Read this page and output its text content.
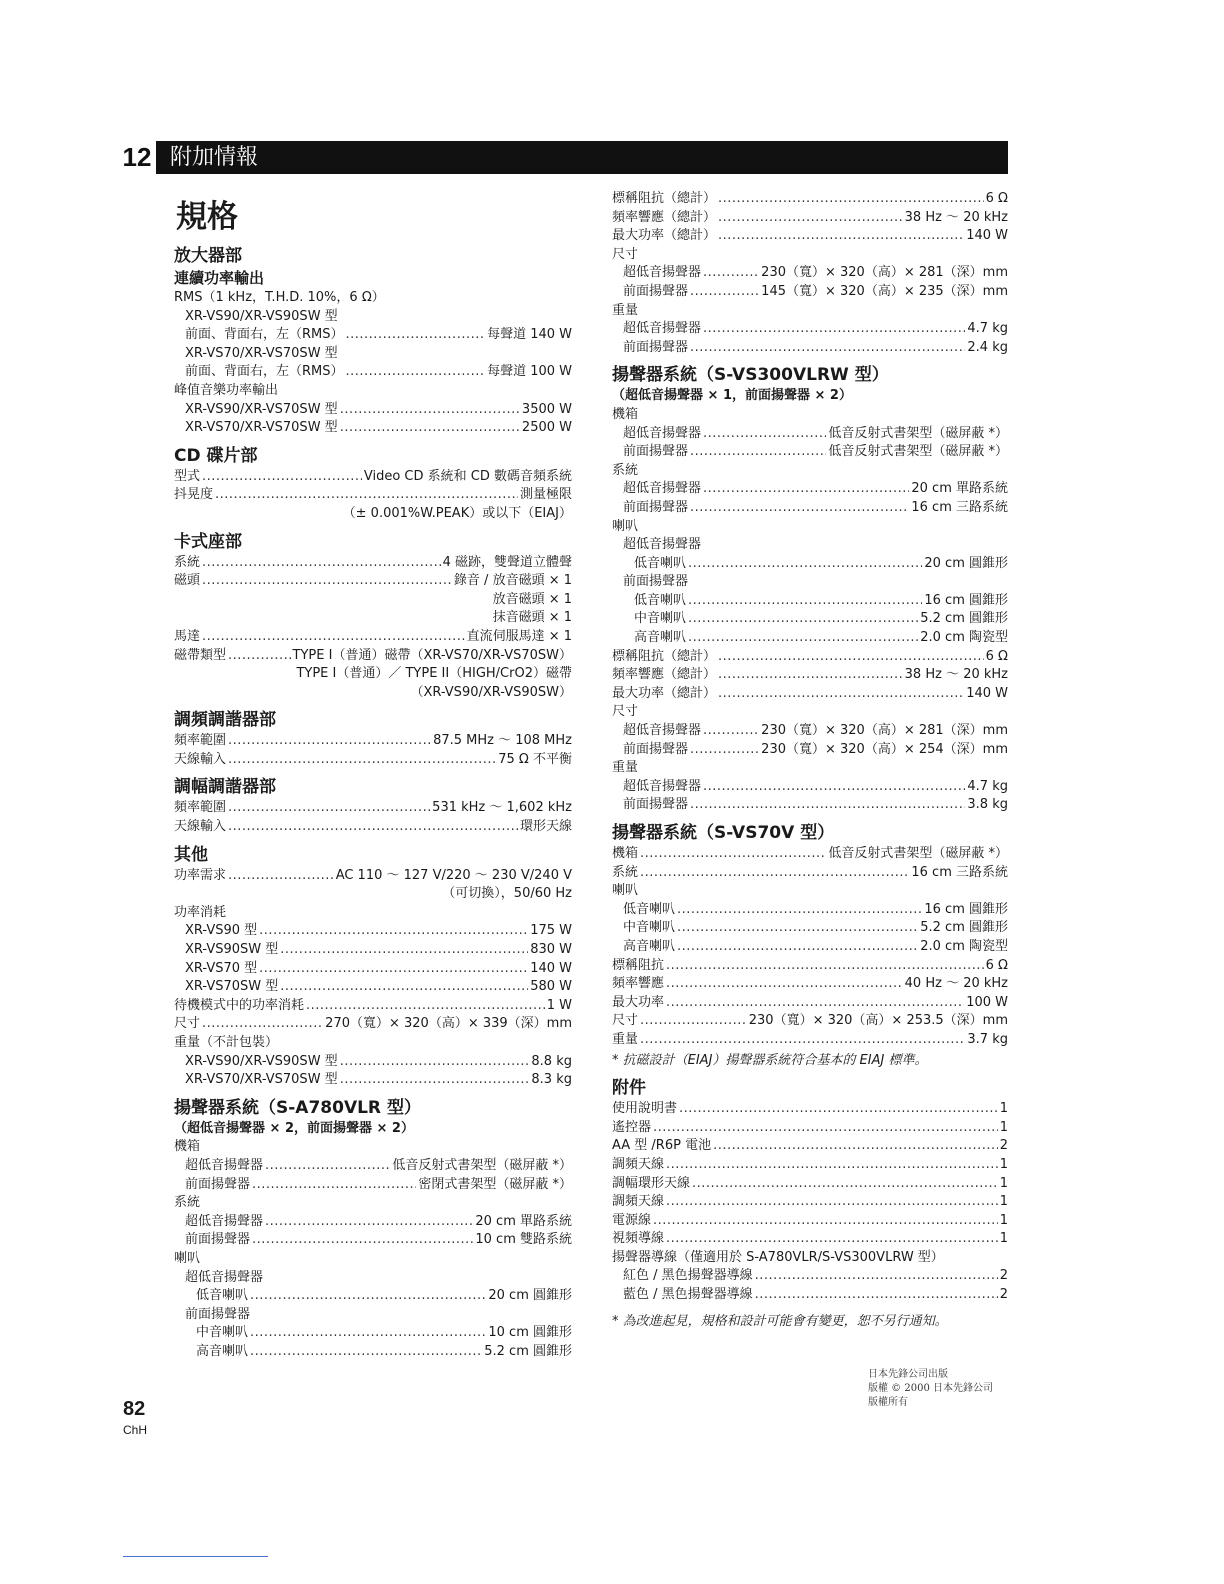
12 附加情報
規格
放大器部
連續功率輸出
RMS（1 kHz，T.H.D. 10%，6 Ω）
XR-VS90/XR-VS90SW 型
前面、背面右，左（RMS） .....	每聲道 140 W
XR-VS70/XR-VS70SW 型
前面、背面右，左（RMS） .....	每聲道 100 W
峰值音樂功率輸出
XR-VS90/XR-VS70SW 型 .....	3500 W
XR-VS70/XR-VS70SW 型 .....	2500 W
CD 碟片部
型式 .....	Video CD 系統和 CD 數碼音頻系統
抖晃度 .....	測量極限
（± 0.001%W.PEAK）或以下（EIAJ）
卡式座部
系統 .....	4 磁跡，雙聲道立體聲
磁頭 .....	錄音 / 放音磁頭 × 1
放音磁頭 × 1
抹音磁頭 × 1
馬達 .....	直流伺服馬達 × 1
磁帶類型 .....	TYPE I（普通）磁帶（XR-VS70/XR-VS70SW）
TYPE I（普通）／ TYPE II（HIGH/CrO2）磁帶
（XR-VS90/XR-VS90SW）
調頻調諧器部
頻率範圍 .....	87.5 MHz ～ 108 MHz
天線輸入 .....	75 Ω 不平衡
調幅調諧器部
頻率範圍 .....	531 kHz ～ 1,602 kHz
天線輸入 .....	環形天線
其他
功率需求 .....	AC 110 ～ 127 V/220 ～ 230 V/240 V
（可切換），50/60 Hz
功率消耗
XR-VS90 型 .....	175 W
XR-VS90SW 型 .....	830 W
XR-VS70 型 .....	140 W
XR-VS70SW 型 .....	580 W
待機模式中的功率消耗 .....	1 W
尺寸 .....	270（寬）× 320（高）× 339（深）mm
重量（不計包裝）
XR-VS90/XR-VS90SW 型 .....	8.8 kg
XR-VS70/XR-VS70SW 型 .....	8.3 kg
揚聲器系統（S-A780VLR 型）
（超低音揚聲器 × 2，前面揚聲器 × 2）
機箱
超低音揚聲器 .....	低音反射式書架型（磁屏蔽 *）
前面揚聲器 .....	密閉式書架型（磁屏蔽 *）
系統
超低音揚聲器 .....	20 cm 單路系統
前面揚聲器 .....	10 cm 雙路系統
喇叭
超低音揚聲器
低音喇叭 .....	20 cm 圓錐形
前面揚聲器
中音喇叭 .....	10 cm 圓錐形
高音喇叭 .....	5.2 cm 圓錐形
標稱阻抗（總計） .....	6 Ω
頻率響應（總計） .....	38 Hz ～ 20 kHz
最大功率（總計） .....	140 W
尺寸
超低音揚聲器 .....	230（寬）× 320（高）× 281（深）mm
前面揚聲器 .....	145（寬）× 320（高）× 235（深）mm
重量
超低音揚聲器 .....	4.7 kg
前面揚聲器 .....	2.4 kg
揚聲器系統（S-VS300VLRW 型）
（超低音揚聲器 × 1，前面揚聲器 × 2）
機箱
超低音揚聲器 .....	低音反射式書架型（磁屏蔽 *）
前面揚聲器 .....	低音反射式書架型（磁屏蔽 *）
系統
超低音揚聲器 .....	20 cm 單路系統
前面揚聲器 .....	16 cm 三路系統
喇叭
超低音揚聲器
低音喇叭 .....	20 cm 圓錐形
前面揚聲器
低音喇叭 .....	16 cm 圓錐形
中音喇叭 .....	5.2 cm 圓錐形
高音喇叭 .....	2.0 cm 陶瓷型
標稱阻抗（總計） .....	6 Ω
頻率響應（總計） .....	38 Hz ～ 20 kHz
最大功率（總計） .....	140 W
尺寸
超低音揚聲器 .....	230（寬）× 320（高）× 281（深）mm
前面揚聲器 .....	230（寬）× 320（高）× 254（深）mm
重量
超低音揚聲器 .....	4.7 kg
前面揚聲器 .....	3.8 kg
揚聲器系統（S-VS70V 型）
機箱 .....	低音反射式書架型（磁屏蔽 *）
系統 .....	16 cm 三路系統
喇叭
低音喇叭 .....	16 cm 圓錐形
中音喇叭 .....	5.2 cm 圓錐形
高音喇叭 .....	2.0 cm 陶瓷型
標稱阻抗 .....	6 Ω
頻率響應 .....	40 Hz ～ 20 kHz
最大功率 .....	100 W
尺寸 .....	230（寬）× 320（高）× 253.5（深）mm
重量 .....	3.7 kg
* 抗磁設計（EIAJ）揚聲器系統符合基本的 EIAJ 標準。
附件
使用說明書 .....	1
遙控器 .....	1
AA 型 /R6P 電池 .....	2
調頻天線 .....	1
調幅環形天線 .....	1
調頻天線 .....	1
電源線 .....	1
視頻導線 .....	1
揚聲器導線（僅適用於 S-A780VLR/S-VS300VLRW 型）
紅色 / 黑色揚聲器導線 .....	2
藍色 / 黑色揚聲器導線 .....	2
* 為改進起見，規格和設計可能會有變更，恕不另行通知。
日本先鋒公司出版
版權 © 2000 日本先鋒公司
版權所有
82
ChH
